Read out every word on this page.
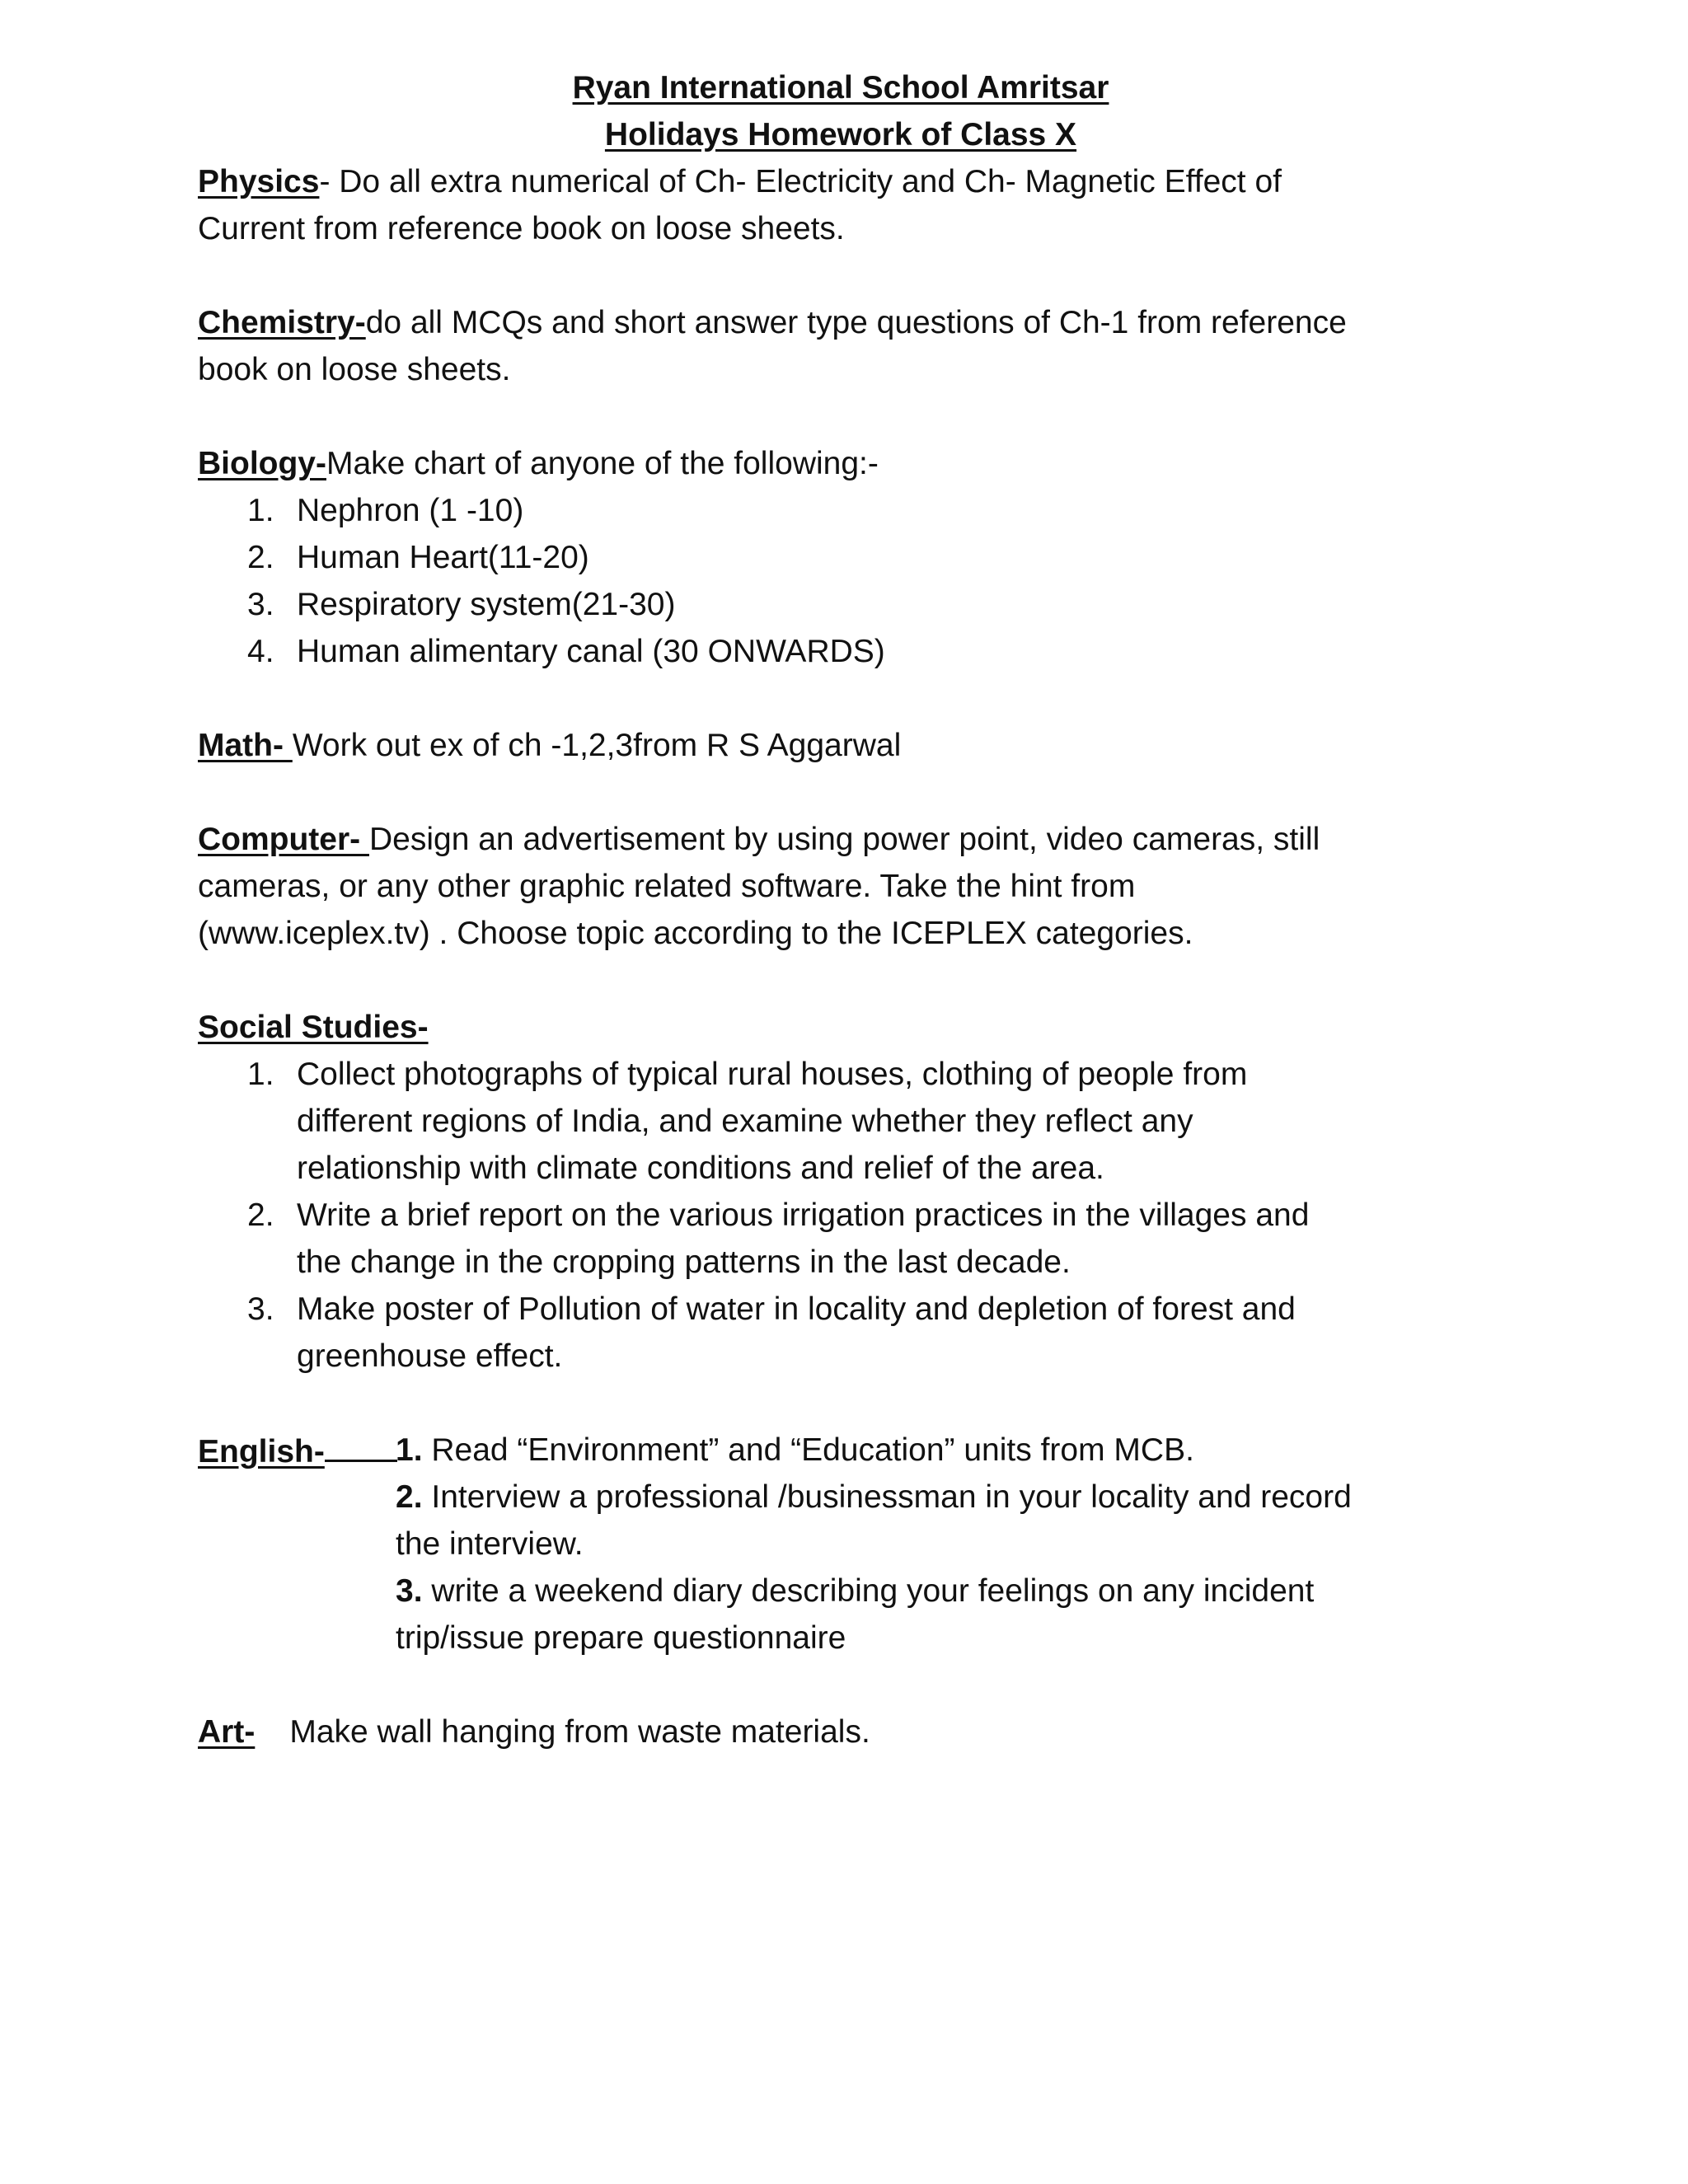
Ryan International School Amritsar
Holidays Homework of Class X
Physics- Do all extra numerical of Ch- Electricity and Ch- Magnetic Effect of
Current from reference book on loose sheets.
Chemistry-do all MCQs and short answer type questions of Ch-1 from reference
book on loose sheets.
Biology-Make chart of anyone of the following:-
1. Nephron (1 -10)
2. Human Heart(11-20)
3. Respiratory system(21-30)
4. Human alimentary canal (30 ONWARDS)
Math- Work out ex of ch -1,2,3from R S Aggarwal
Computer- Design an advertisement by using power point, video cameras, still
cameras, or any other graphic related software. Take the hint from
(www.iceplex.tv) . Choose topic according to the ICEPLEX categories.
Social Studies-
1. Collect photographs of typical rural houses, clothing of people from
different regions of India, and examine whether they reflect any
relationship with climate conditions and relief of the area.
2. Write a brief report on the various irrigation practices in the villages and
the change in the cropping patterns in the last decade.
3. Make poster of Pollution of water in locality and depletion of forest and
greenhouse effect.
English-	1. Read “Environment” and “Education” units from MCB.
2. Interview a professional /businessman in your locality and record
the interview.
3. write a weekend diary describing your feelings on any incident
trip/issue prepare questionnaire
Art- Make wall hanging from waste materials.
